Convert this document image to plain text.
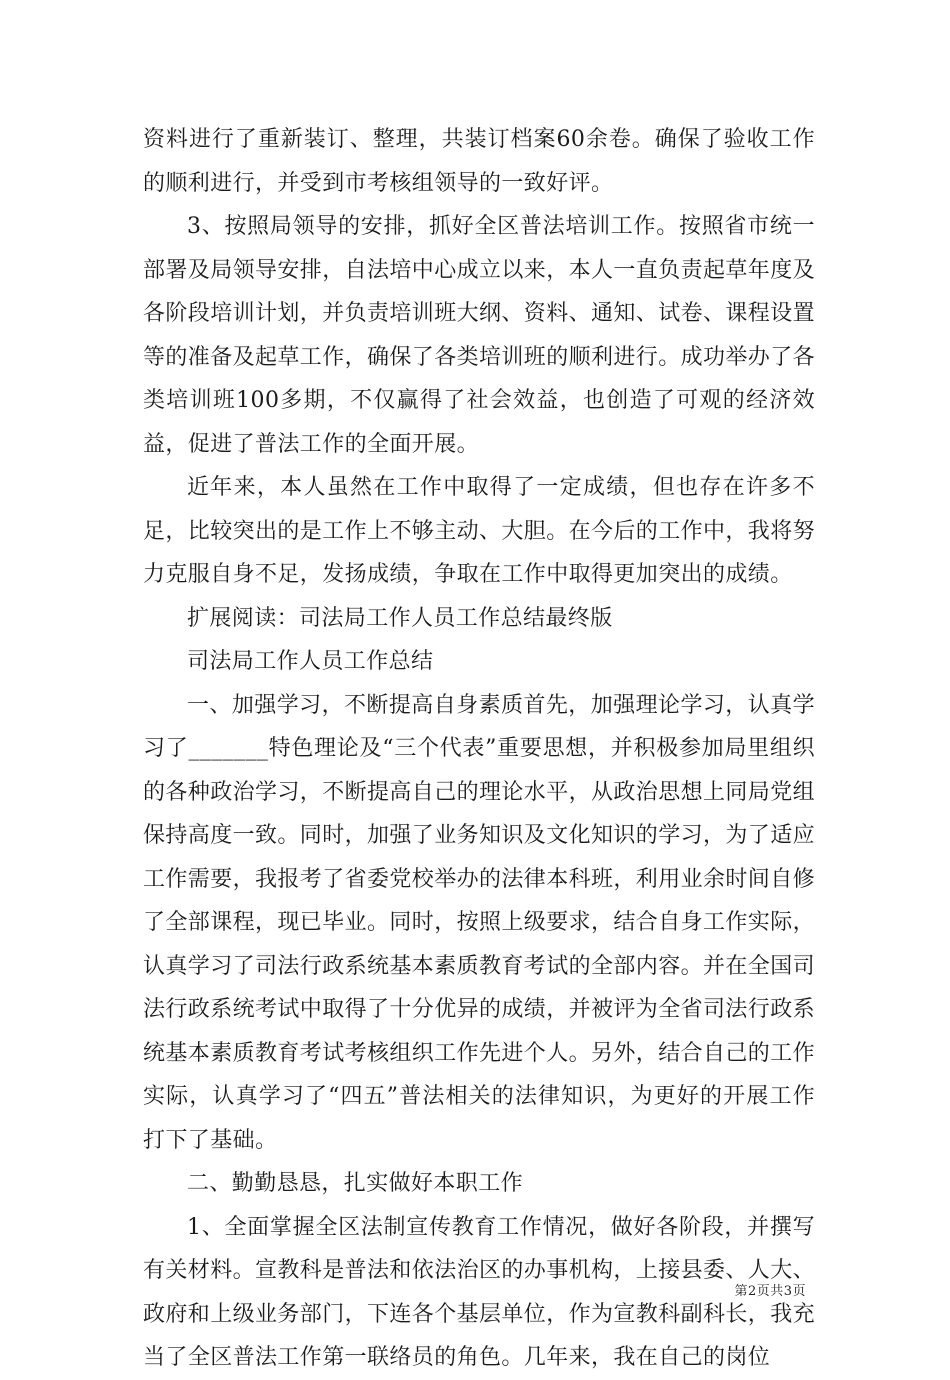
资料进行了重新装订、整理，共装订档案60余卷。确保了验收工作的顺利进行，并受到市考核组领导的一致好评。

3、按照局领导的安排，抓好全区普法培训工作。按照省市统一部署及局领导安排，自法培中心成立以来，本人一直负责起草年度及各阶段培训计划，并负责培训班大纲、资料、通知、试卷、课程设置等的准备及起草工作，确保了各类培训班的顺利进行。成功举办了各类培训班100多期，不仅赢得了社会效益，也创造了可观的经济效益，促进了普法工作的全面开展。

近年来，本人虽然在工作中取得了一定成绩，但也存在许多不足，比较突出的是工作上不够主动、大胆。在今后的工作中，我将努力克服自身不足，发扬成绩，争取在工作中取得更加突出的成绩。

扩展阅读：司法局工作人员工作总结最终版

司法局工作人员工作总结

一、加强学习，不断提高自身素质首先，加强理论学习，认真学习了_______特色理论及“三个代表”重要思想，并积极参加局里组织的各种政治学习，不断提高自己的理论水平，从政治思想上同局党组保持高度一致。同时，加强了业务知识及文化知识的学习，为了适应工作需要，我报考了省委党校举办的法律本科班，利用业余时间自修了全部课程，现已毕业。同时，按照上级要求，结合自身工作实际，认真学习了司法行政系统基本素质教育考试的全部内容。并在全国司法行政系统考试中取得了十分优异的成绩，并被评为全省司法行政系统基本素质教育考试考核组织工作先进个人。另外，结合自己的工作实际，认真学习了“四五”普法相关的法律知识，为更好的开展工作打下了基础。

二、勤勤恳恳，扎实做好本职工作

1、全面掌握全区法制宣传教育工作情况，做好各阶段，并撰写有关材料。宣教科是普法和依法治区的办事机构，上接县委、人大、政府和上级业务部门，下连各个基层单位，作为宣教科副科长，我充当了全区普法工作第一联络员的角色。几年来，我在自己的岗位

第2页共3页
